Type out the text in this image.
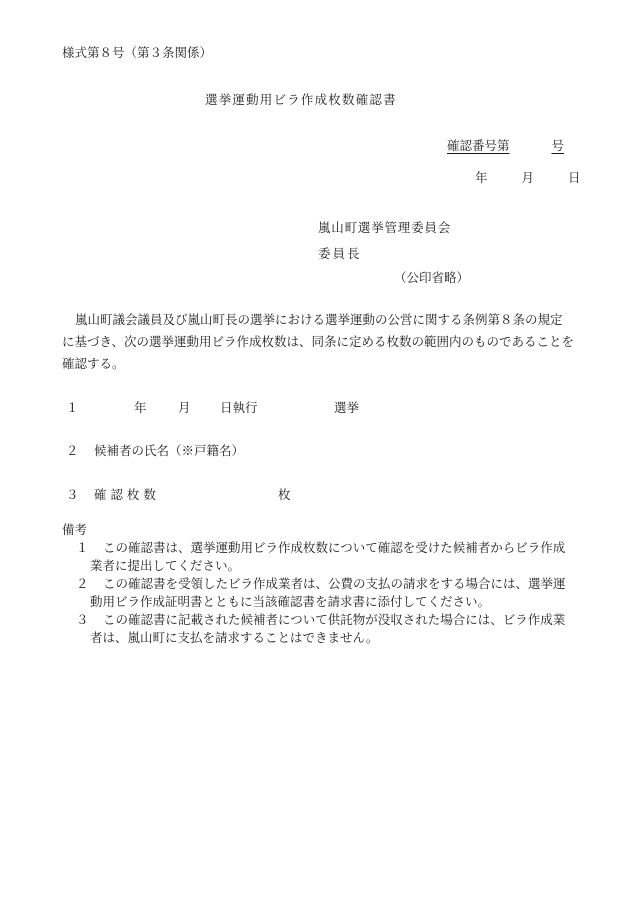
様式第８号（第３条関係）
選挙運動用ビラ作成枚数確認書
確認番号第	号
年	月	日
嵐山町選挙管理委員会
委員長
（公印省略）
嵐山町議会議員及び嵐山町長の選挙における選挙運動の公営に関する条例第８条の規定に基づき、次の選挙運動用ビラ作成枚数は、同条に定める枚数の範囲内のものであることを確認する。
１	年	月 日執行	選挙
２ 候補者の氏名（※戸籍名）
３ 確 認 枚 数	枚
備考
１	この確認書は、選挙運動用ビラ作成枚数について確認を受けた候補者からビラ作成業者に提出してください。
２	この確認書を受領したビラ作成業者は、公費の支払の請求をする場合には、選挙運動用ビラ作成証明書とともに当該確認書を請求書に添付してください。
３	この確認書に記載された候補者について供託物が没収された場合には、ビラ作成業者は、嵐山町に支払を請求することはできません。
